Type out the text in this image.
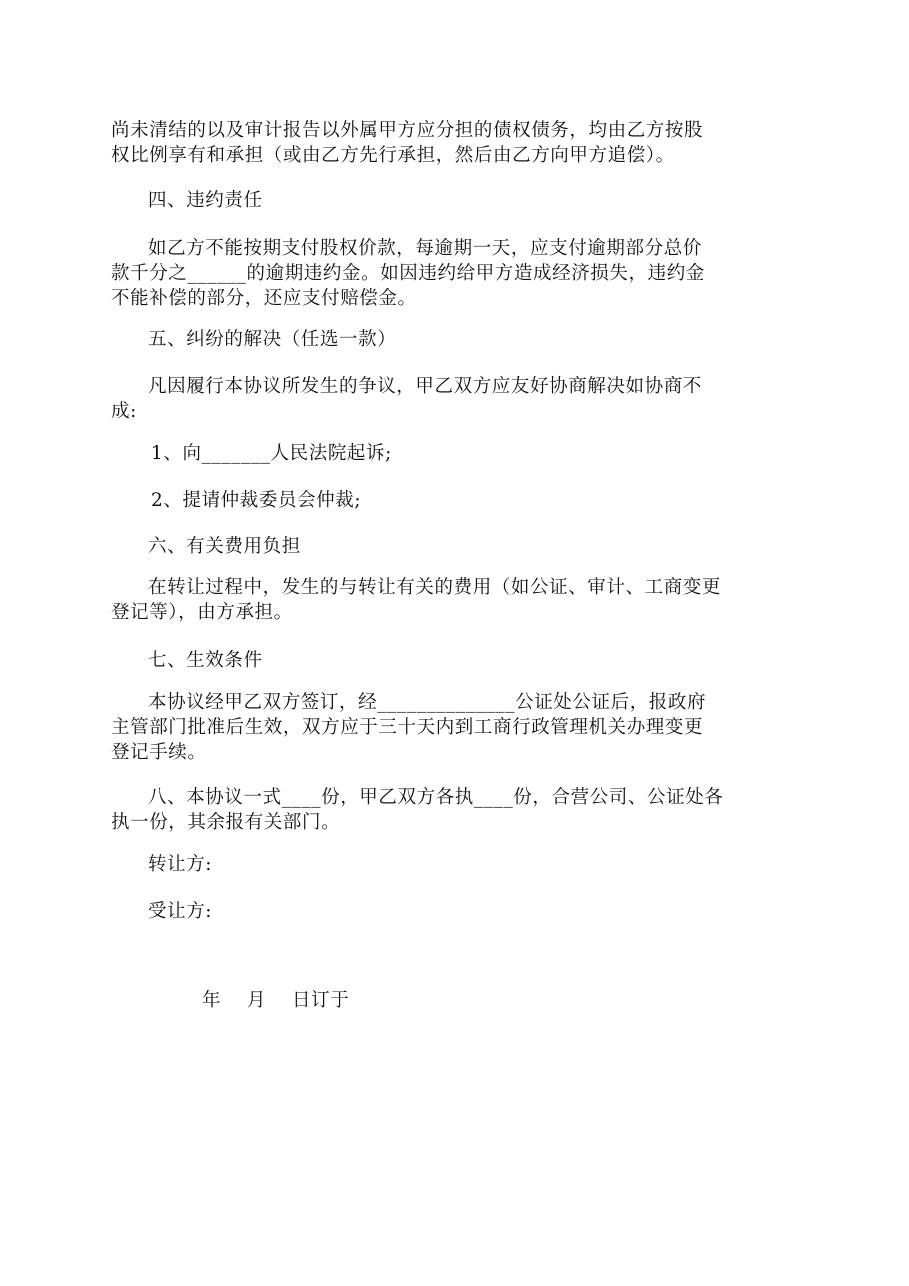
尚未清结的以及审计报告以外属甲方应分担的债权债务，均由乙方按股
权比例享有和承担（或由乙方先行承担，然后由乙方向甲方追偿）。
四、违约责任
如乙方不能按期支付股权价款，每逾期一天，应支付逾期部分总价
款千分之______的逾期违约金。如因违约给甲方造成经济损失，违约金
不能补偿的部分，还应支付赔偿金。
五、纠纷的解决（任选一款）
凡因履行本协议所发生的争议，甲乙双方应友好协商解决如协商不
成:
1、向_______人民法院起诉;
2、提请仲裁委员会仲裁;
六、有关费用负担
在转让过程中，发生的与转让有关的费用（如公证、审计、工商变更
登记等），由方承担。
七、生效条件
本协议经甲乙双方签订，经______________公证处公证后，报政府
主管部门批准后生效，双方应于三十天内到工商行政管理机关办理变更
登记手续。
八、本协议一式____份，甲乙双方各执____份，合营公司、公证处各
执一份，其余报有关部门。
转让方:
受让方:
年    月    日订于
